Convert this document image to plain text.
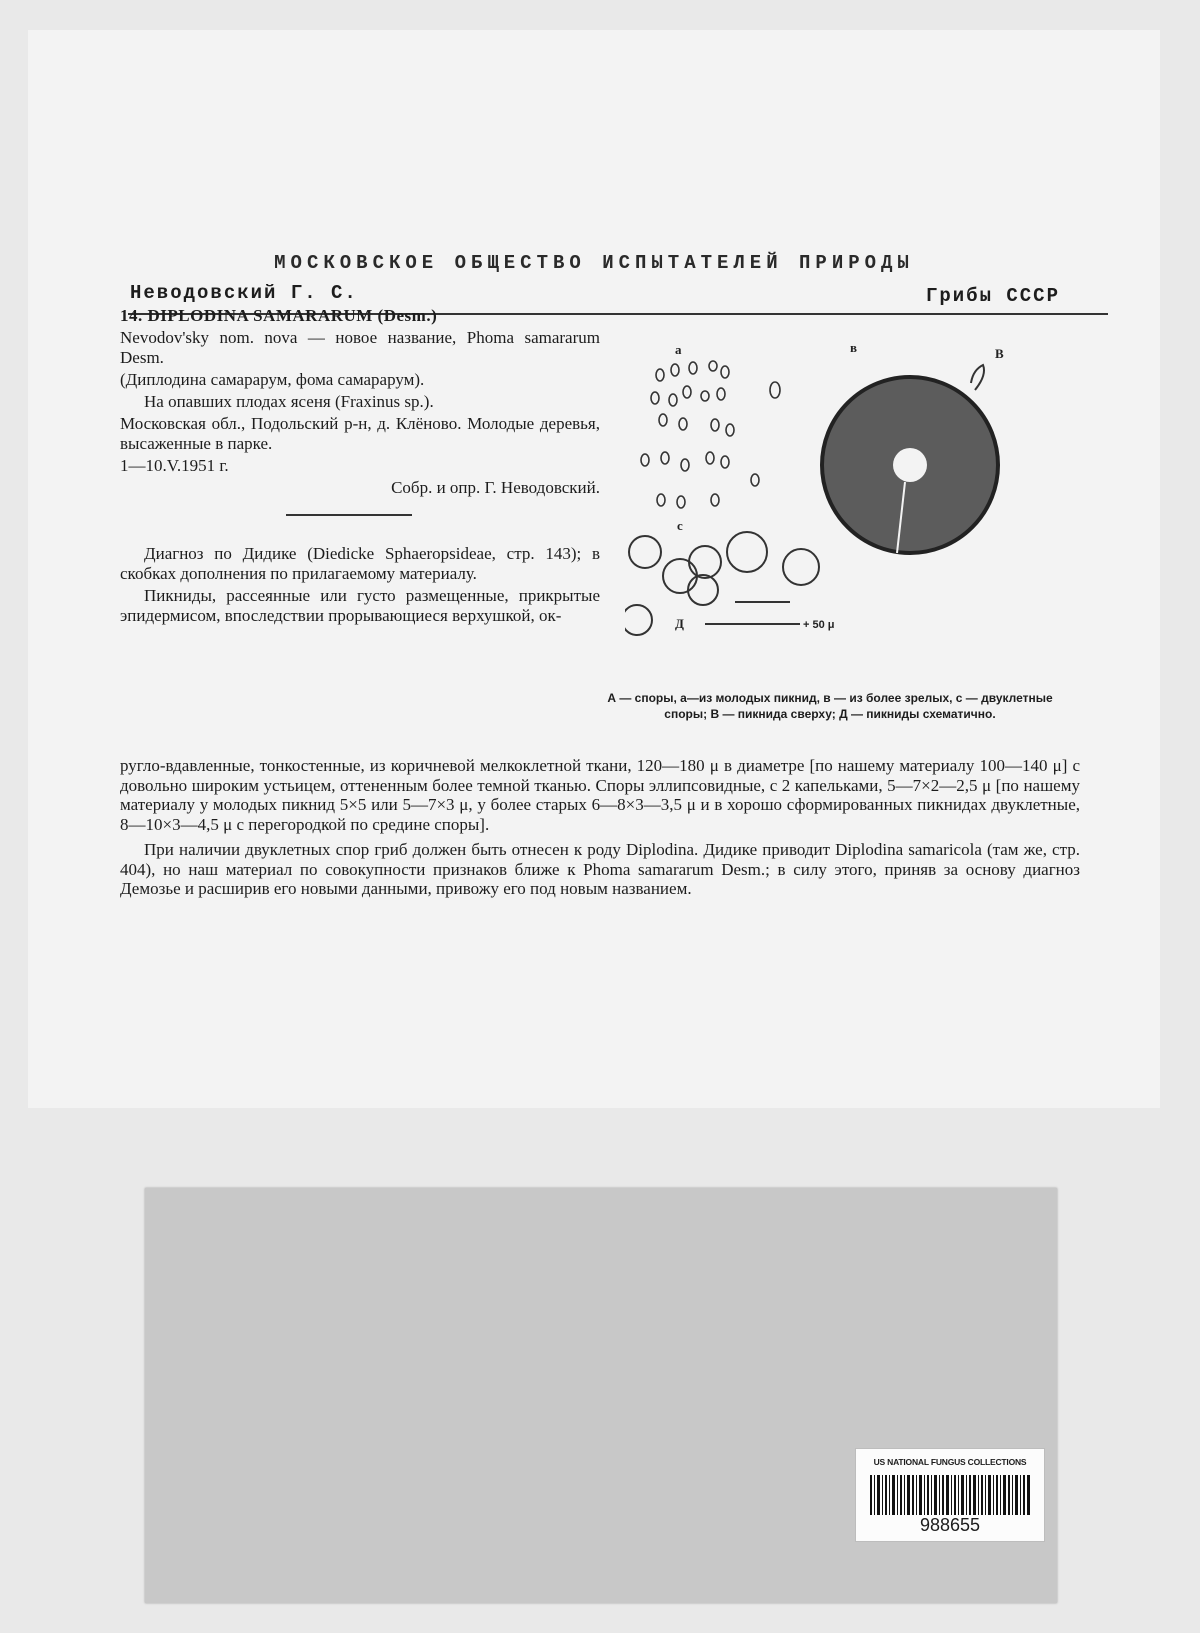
МОСКОВСКОЕ ОБЩЕСТВО ИСПЫТАТЕЛЕЙ ПРИРОДЫ
Неводовский Г. С.	Грибы СССР

14. DIPLODINA SAMARARUM (Desm.)

Nevodov'sky nom. nova — новое название, Phoma samararum Desm.

(Диплодина самарарум, фома самарарум).

На опавших плодах ясеня (Fraxinus sp.).

Московская обл., Подольский р-н, д. Клёново. Молодые деревья, высаженные в парке.

1—10.V.1951 г.

Собр. и опр. Г. Неводовский.

Диагноз по Дидике (Diedicke Sphaeropsideae, стр. 143); в скобках дополнения по прилагаемому материалу.

Пикниды, рассеянные или густо размещенные, прикрытые эпидермисом, впоследствии прорывающиеся верхушкой, ок-

a	в
с
В
Д	+ 50 μ
А — споры, а—из молодых пикнид, в — из более зрелых, с — двуклетные споры; В — пикнида сверху; Д — пикниды схематично.

ругло-вдавленные, тонкостенные, из коричневой мелкоклетной ткани, 120—180 μ в диаметре [по нашему материалу 100—140 μ] с довольно широким устьицем, оттененным более темной тканью. Споры эллипсовидные, с 2 капельками, 5—7×2—2,5 μ [по нашему материалу у молодых пикнид 5×5 или 5—7×3 μ, у более старых 6—8×3—3,5 μ и в хорошо сформированных пикнидах двуклетные, 8—10×3—4,5 μ с перегородкой по средине споры].

При наличии двуклетных спор гриб должен быть отнесен к роду Diplodina. Дидике приводит Diplodina samaricola (там же, стр. 404), но наш материал по совокупности признаков ближе к Phoma samararum Desm.; в силу этого, приняв за основу диагноз Демозье и расширив его новыми данными, привожу его под новым названием.

US NATIONAL FUNGUS COLLECTIONS
988655
